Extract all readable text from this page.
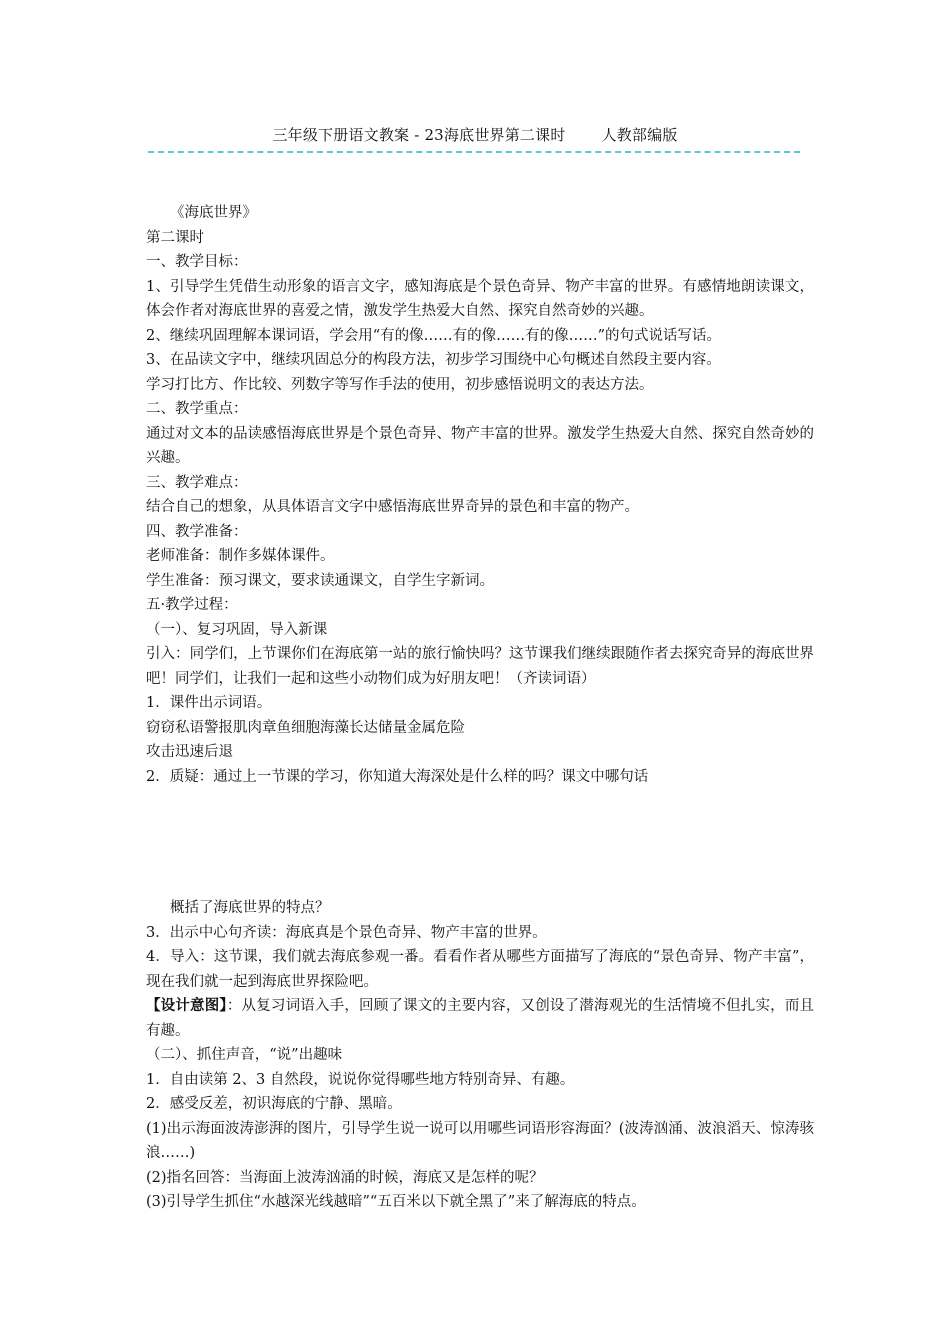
三年级下册语文教案 - 23海底世界第二课时 人教部编版
《海底世界》
第二课时
一、教学目标：
1、引导学生凭借生动形象的语言文字，感知海底是个景色奇异、物产丰富的世界。有感情地朗读课文，体会作者对海底世界的喜爱之情，激发学生热爱大自然、探究自然奇妙的兴趣。
2、继续巩固理解本课词语，学会用“有的像……有的像……有的像……”的句式说话写话。
3、在品读文字中，继续巩固总分的构段方法，初步学习围绕中心句概述自然段主要内容。
学习打比方、作比较、列数字等写作手法的使用，初步感悟说明文的表达方法。
二、教学重点：
通过对文本的品读感悟海底世界是个景色奇异、物产丰富的世界。激发学生热爱大自然、探究自然奇妙的兴趣。
三、教学难点：
结合自己的想象，从具体语言文字中感悟海底世界奇异的景色和丰富的物产。
四、教学准备：
老师准备：制作多媒体课件。
学生准备：预习课文，要求读通课文，自学生字新词。
五·教学过程：
（一）、复习巩固，导入新课
引入：同学们，上节课你们在海底第一站的旅行愉快吗？这节课我们继续跟随作者去探究奇异的海底世界吧！同学们，让我们一起和这些小动物们成为好朋友吧！（齐读词语）
1．课件出示词语。
窃窃私语警报肌肉章鱼细胞海藻长达储量金属危险
攻击迅速后退
2．质疑：通过上一节课的学习，你知道大海深处是什么样的吗？课文中哪句话
概括了海底世界的特点？
3．出示中心句齐读：海底真是个景色奇异、物产丰富的世界。
4．导入：这节课，我们就去海底参观一番。看看作者从哪些方面描写了海底的“景色奇异、物产丰富”，现在我们就一起到海底世界探险吧。
【设计意图】：从复习词语入手，回顾了课文的主要内容，又创设了潜海观光的生活情境不但扎实，而且有趣。
（二）、抓住声音，“说”出趣味
1．自由读第 2、3 自然段，说说你觉得哪些地方特别奇异、有趣。
2．感受反差，初识海底的宁静、黑暗。
(1)出示海面波涛澎湃的图片，引导学生说一说可以用哪些词语形容海面？(波涛汹涌、波浪滔天、惊涛骇浪……)
(2)指名回答：当海面上波涛汹涌的时候，海底又是怎样的呢？
(3)引导学生抓住“水越深光线越暗”“五百米以下就全黑了”来了解海底的特点。
